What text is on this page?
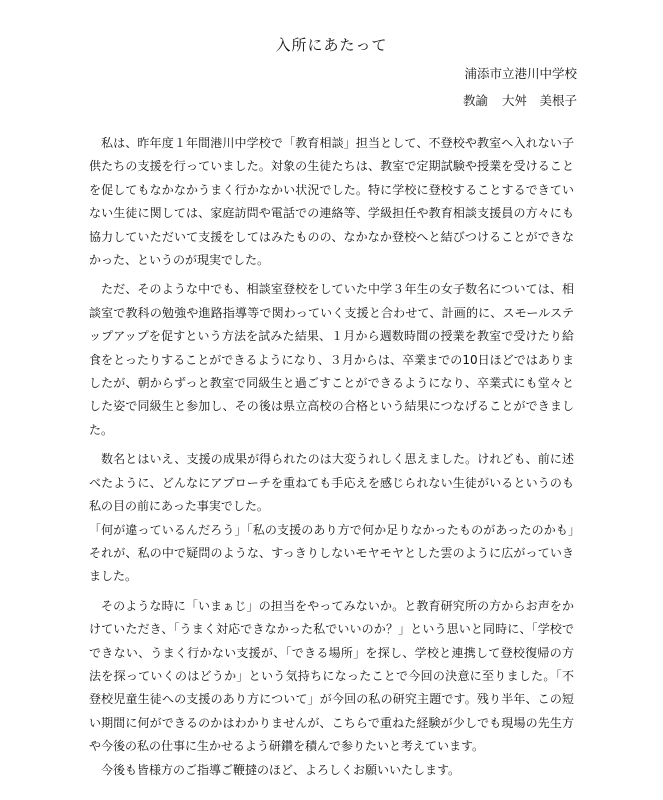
入所にあたって
浦添市立港川中学校
教諭 大舛　美根子

私は、昨年度１年間港川中学校で「教育相談」担当として、不登校や教室へ入れない子供たちの支援を行っていました。対象の生徒たちは、教室で定期試験や授業を受けることを促してもなかなかうまく行かなかい状況でした。特に学校に登校することするできていない生徒に関しては、家庭訪問や電話での連絡等、学級担任や教育相談支援員の方々にも協力していただいて支援をしてはみたものの、なかなか登校へと結びつけることができなかった、というのが現実でした。

ただ、そのような中でも、相談室登校をしていた中学３年生の女子数名については、相談室で教科の勉強や進路指導等で関わっていく支援と合わせて、計画的に、スモールステップアップを促すという方法を試みた結果、１月から週数時間の授業を教室で受けたり給食をとったりすることができるようになり、３月からは、卒業までの10日ほどではありましたが、朝からずっと教室で同級生と過ごすことができるようになり、卒業式にも堂々とした姿で同級生と参加し、その後は県立高校の合格という結果につなげることができました。

数名とはいえ、支援の成果が得られたのは大変うれしく思えました。けれども、前に述べたように、どんなにアプローチを重ねても手応えを感じられない生徒がいるというのも私の目の前にあった事実でした。

「何が違っているんだろう」「私の支援のあり方で何か足りなかったものがあったのかも」それが、私の中で疑問のような、すっきりしないモヤモヤとした雲のように広がっていきました。

そのような時に「いまぁじ」の担当をやってみないか。と教育研究所の方からお声をかけていただき、「うまく対応できなかった私でいいのか？」という思いと同時に、「学校でできない、うまく行かない支援が、「できる場所」を探し、学校と連携して登校復帰の方法を探っていくのはどうか」という気持ちになったことで今回の決意に至りました。「不登校児童生徒への支援のあり方について」が今回の私の研究主題です。残り半年、この短い期間に何ができるのかはわかりませんが、こちらで重ねた経験が少しでも現場の先生方や今後の私の仕事に生かせるよう研鑽を積んで参りたいと考えています。

今後も皆様方のご指導ご鞭撻のほど、よろしくお願いいたします。
